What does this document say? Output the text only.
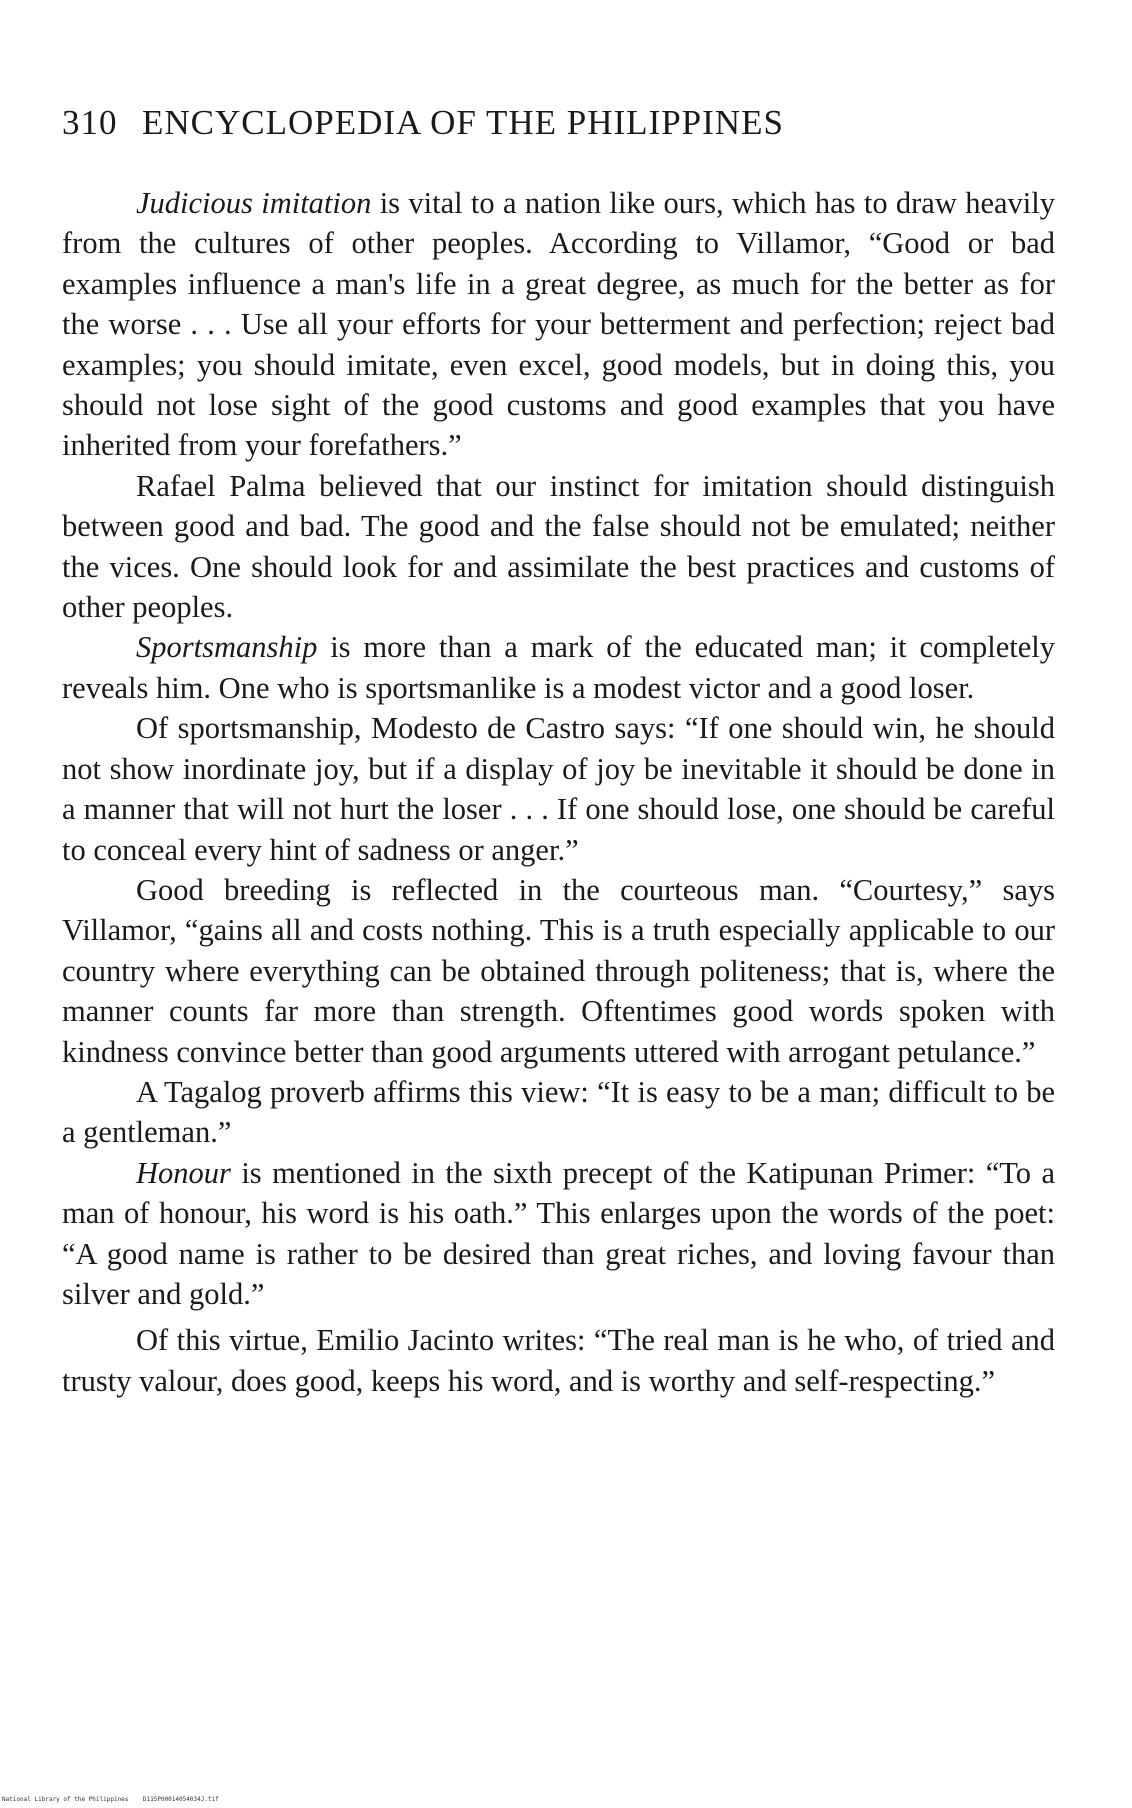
310 ENCYCLOPEDIA OF THE PHILIPPINES

Judicious imitation is vital to a nation like ours, which has to draw heavily from the cultures of other peoples. According to Villamor, “Good or bad examples influence a man's life in a great degree, as much for the better as for the worse . . . Use all your efforts for your betterment and perfection; reject bad examples; you should imitate, even excel, good models, but in doing this, you should not lose sight of the good customs and good examples that you have inherited from your forefathers.”

Rafael Palma believed that our instinct for imitation should distinguish between good and bad. The good and the false should not be emulated; neither the vices. One should look for and assimilate the best practices and customs of other peoples.

Sportsmanship is more than a mark of the educated man; it completely reveals him. One who is sportsmanlike is a modest victor and a good loser.

Of sportsmanship, Modesto de Castro says: “If one should win, he should not show inordinate joy, but if a display of joy be inevitable it should be done in a manner that will not hurt the loser . . . If one should lose, one should be careful to conceal every hint of sadness or anger.”

Good breeding is reflected in the courteous man. “Courtesy,” says Villamor, “gains all and costs nothing. This is a truth especially applicable to our country where everything can be obtained through politeness; that is, where the manner counts far more than strength. Oftentimes good words spoken with kindness convince better than good arguments uttered with arrogant petulance.”

A Tagalog proverb affirms this view: “It is easy to be a man; difficult to be a gentleman.”

Honour is mentioned in the sixth precept of the Katipunan Primer: “To a man of honour, his word is his oath.” This enlarges upon the words of the poet: “A good name is rather to be desired than great riches, and loving favour than silver and gold.”

Of this virtue, Emilio Jacinto writes: “The real man is he who, of tried and trusty valour, does good, keeps his word, and is worthy and self-respecting.”

National Library of the Philippines D11SP00014054034J.tif
